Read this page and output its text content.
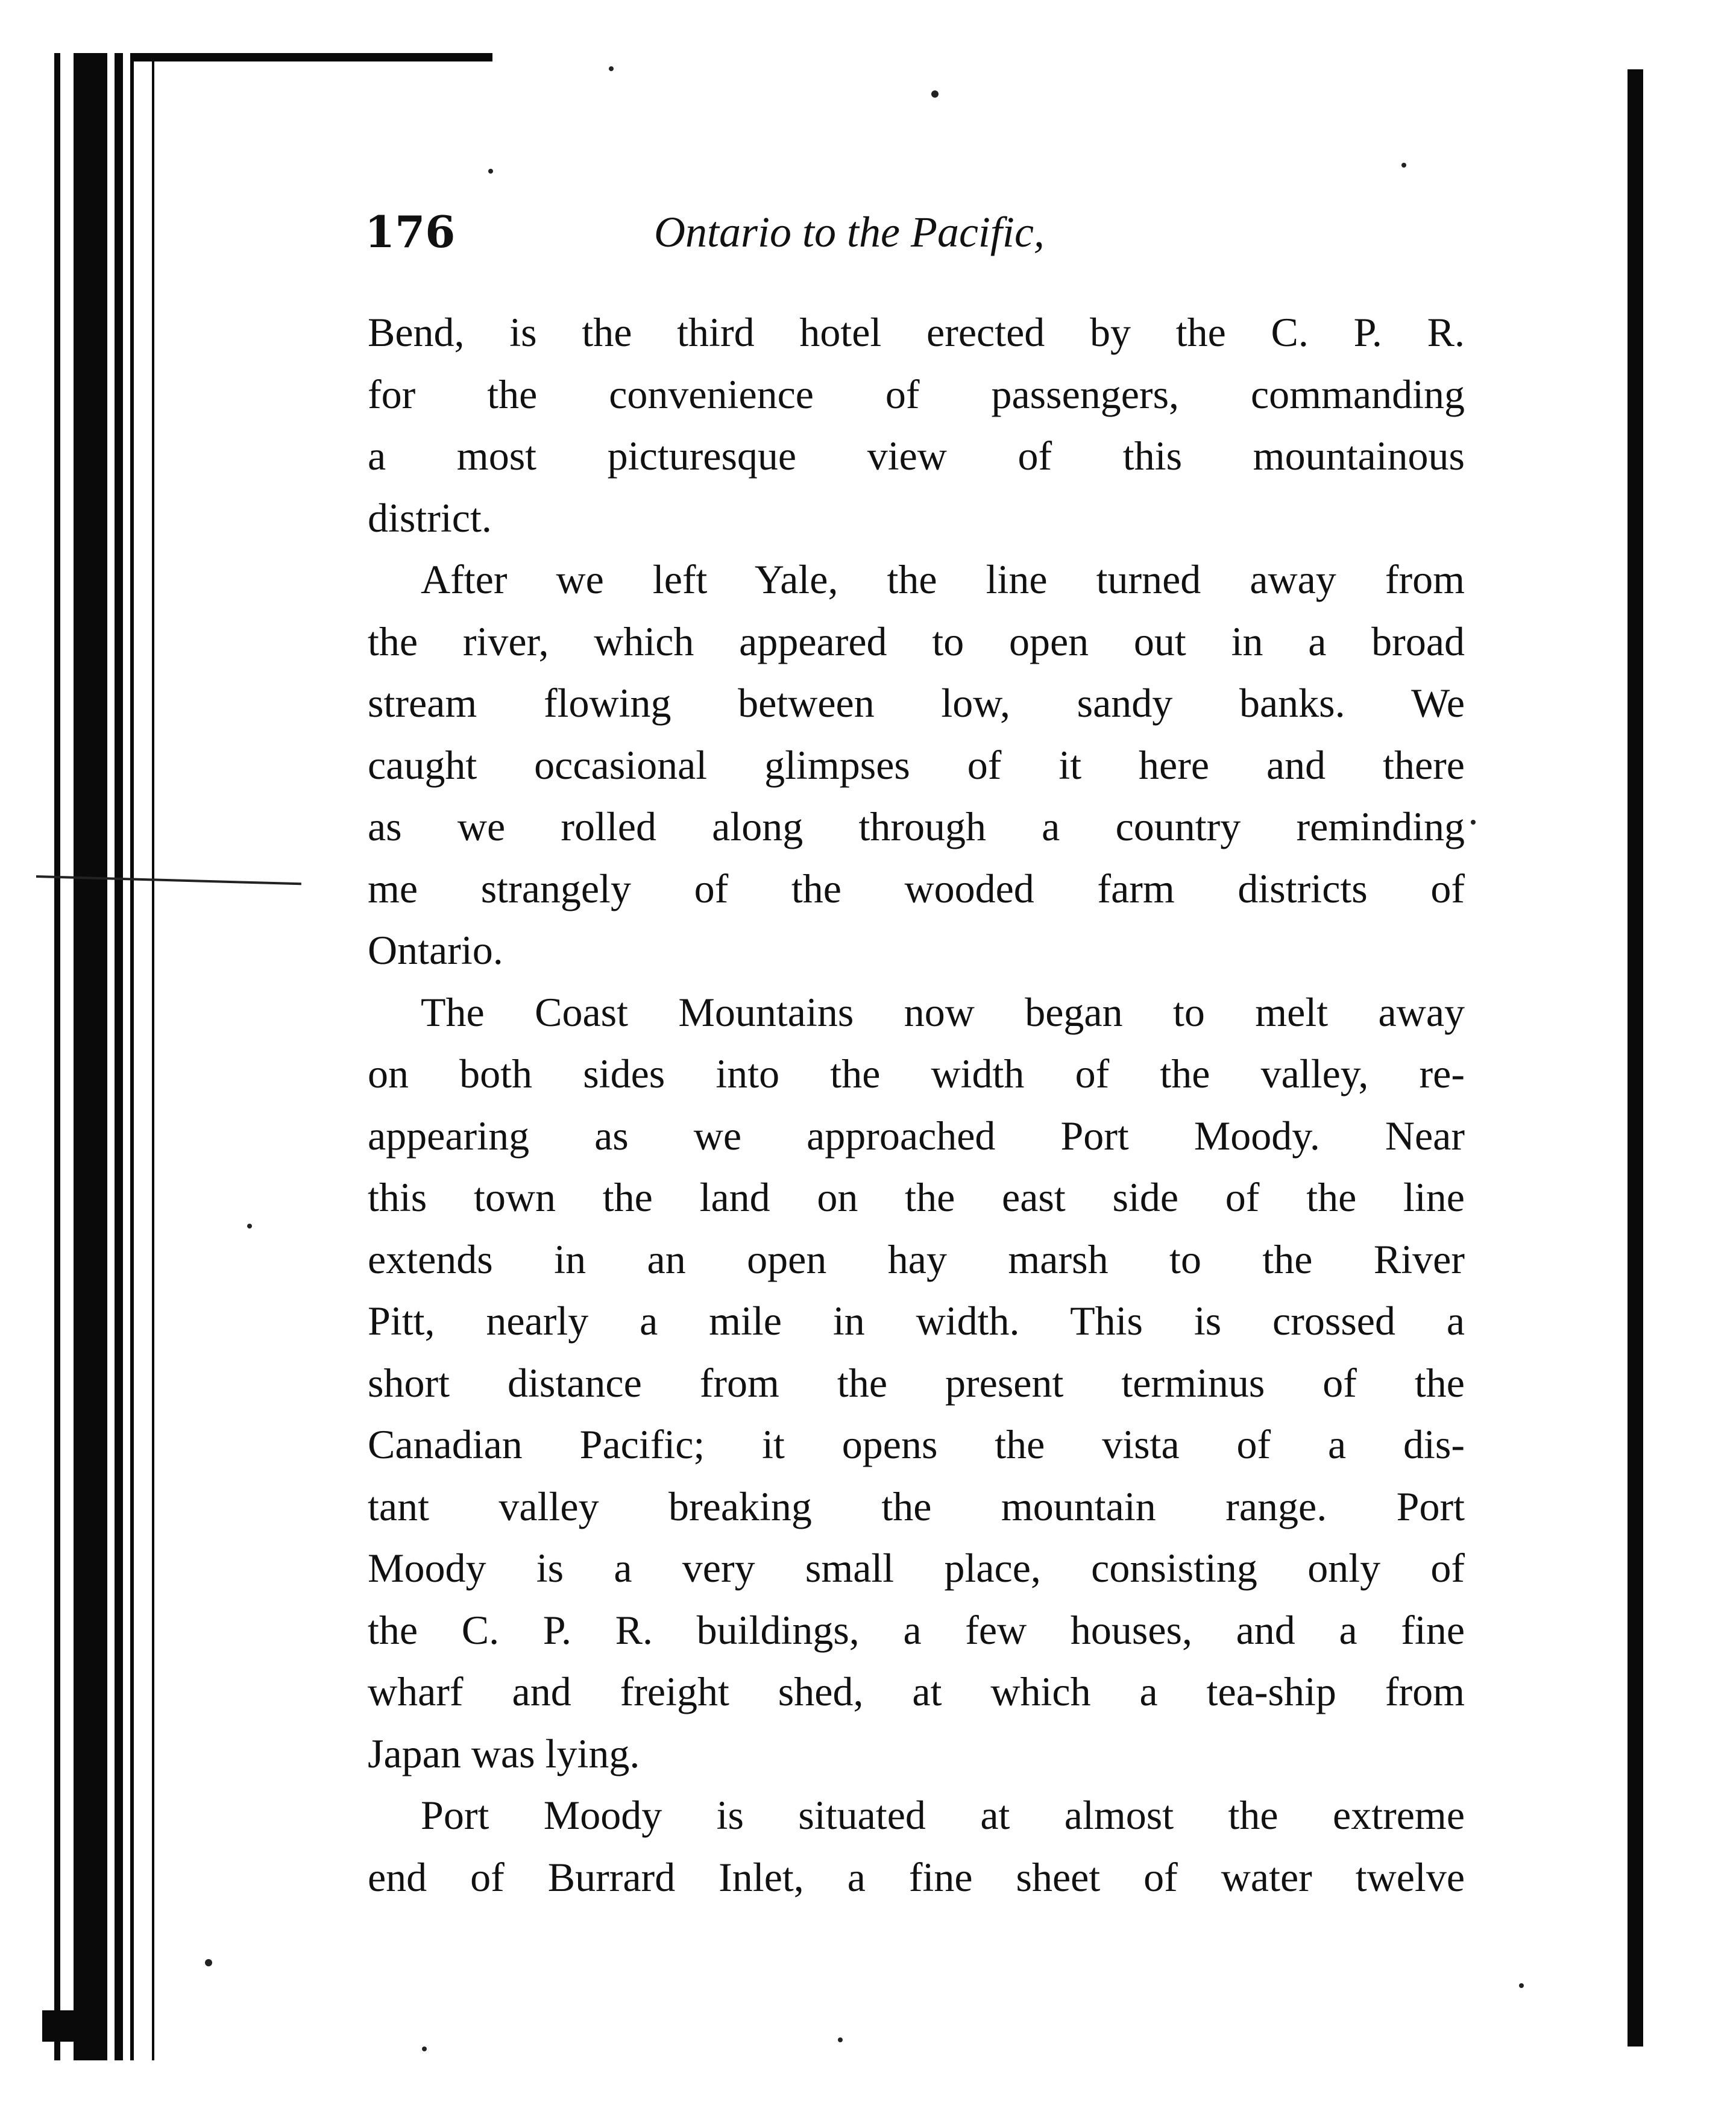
176	Ontario to the Pacific,
Bend, is the third hotel erected by the C. P. R.
for the convenience of passengers, commanding
a most picturesque view of this mountainous
district.
After we left Yale, the line turned away from
the river, which appeared to open out in a broad
stream flowing between low, sandy banks. We
caught occasional glimpses of it here and there
as we rolled along through a country reminding
me strangely of the wooded farm districts of
Ontario.
The Coast Mountains now began to melt away
on both sides into the width of the valley, re-
appearing as we approached Port Moody. Near
this town the land on the east side of the line
extends in an open hay marsh to the River
Pitt, nearly a mile in width. This is crossed a
short distance from the present terminus of the
Canadian Pacific; it opens the vista of a dis-
tant valley breaking the mountain range. Port
Moody is a very small place, consisting only of
the C. P. R. buildings, a few houses, and a fine
wharf and freight shed, at which a tea-ship from
Japan was lying.
Port Moody is situated at almost the extreme
end of Burrard Inlet, a fine sheet of water twelve
